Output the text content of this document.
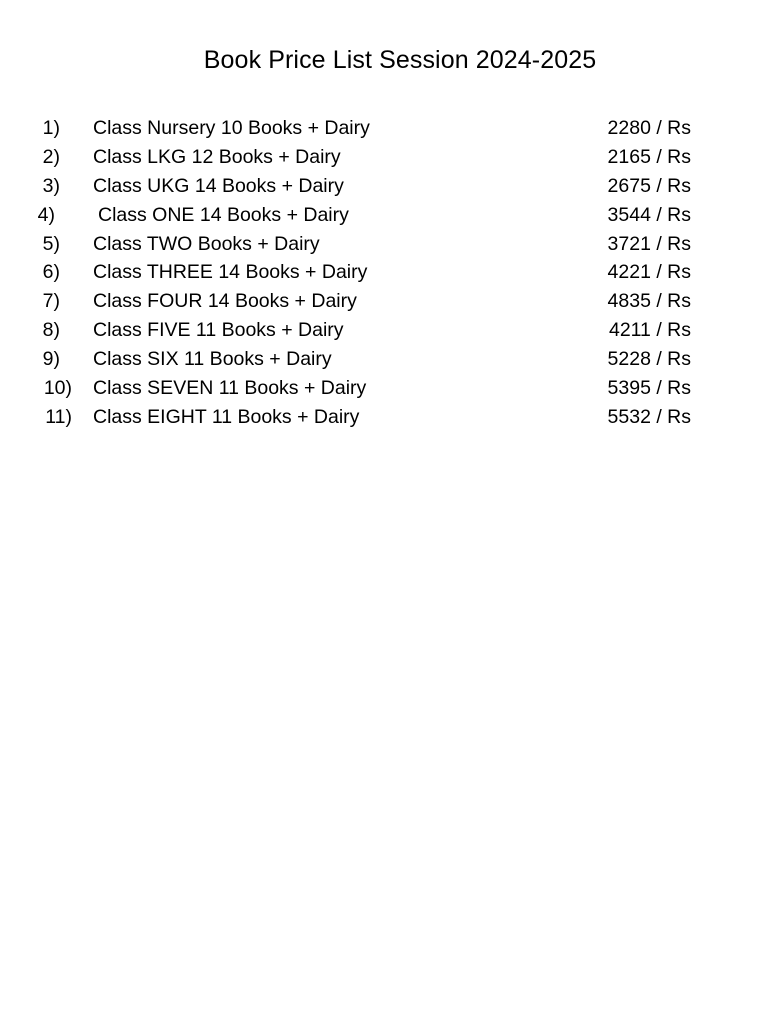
Book Price List Session 2024-2025
1) Class Nursery 10 Books + Dairy	2280 / Rs
2) Class LKG 12 Books + Dairy	2165 / Rs
3) Class UKG 14 Books + Dairy	2675 / Rs
4) Class ONE 14 Books + Dairy	3544 / Rs
5) Class TWO Books + Dairy	3721 / Rs
6) Class THREE 14 Books + Dairy	4221 / Rs
7) Class FOUR 14 Books + Dairy	4835 / Rs
8) Class FIVE 11 Books + Dairy	4211 / Rs
9) Class SIX 11 Books + Dairy	5228 / Rs
10) Class SEVEN 11 Books + Dairy	5395 / Rs
11) Class EIGHT 11 Books + Dairy	5532 / Rs
